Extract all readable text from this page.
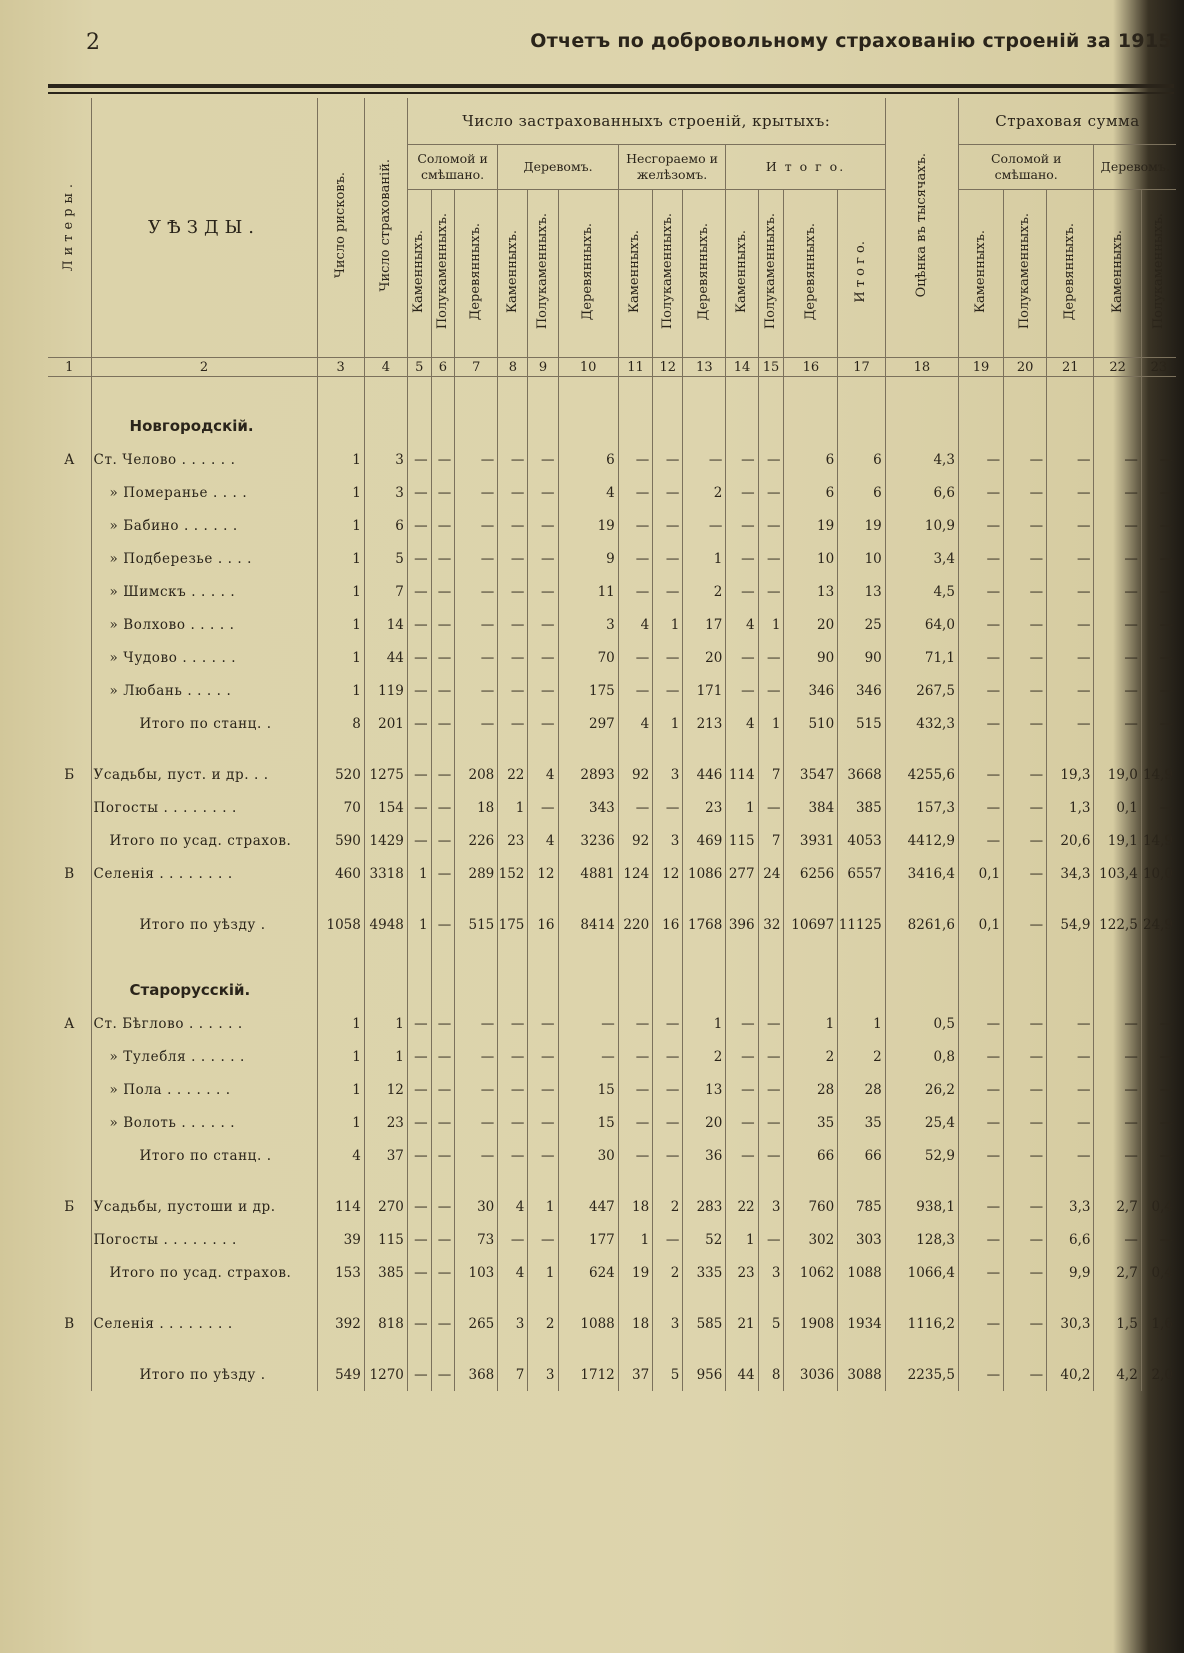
2	Отчетъ по добровольному страхованію строеній за 1915
Литеры.	УѢЗДЫ.	Число рисковъ.	Число страхованій.	Число застрахованныхъ строеній, крытыхъ:													Оцѣнка въ тысячахъ.	Страховая сумма				
				Соломой и смѣшано.			Деревомъ.			Несгораемо и желѣзомъ.			И т о г о.					Соломой и смѣшано.			Деревомъ.	
				Каменныхъ.	Полукаменныхъ.	Деревянныхъ.	Каменныхъ.	Полукаменныхъ.	Деревянныхъ.	Каменныхъ.	Полукаменныхъ.	Деревянныхъ.	Каменныхъ.	Полукаменныхъ.	Деревянныхъ.	И т о г о.		Каменныхъ.	Полукаменныхъ.	Деревянныхъ.	Каменныхъ.	Полукаменныхъ.
1	2	3	4	5	6	7	8	9	10	11	12	13	14	15	16	17	18	19	20	21	22	23
	Новгородскій.																					
А	Ст. Челово . . . . . .	1	3	—	—	—	—	—	6	—	—	—	—	—	6	6	4,3	—	—	—	—	—
	» Померанье . . . .	1	3	—	—	—	—	—	4	—	—	2	—	—	6	6	6,6	—	—	—	—	—
	» Бабино . . . . . .	1	6	—	—	—	—	—	19	—	—	—	—	—	19	19	10,9	—	—	—	—	—
	» Подберезье . . . .	1	5	—	—	—	—	—	9	—	—	1	—	—	10	10	3,4	—	—	—	—	—
	» Шимскъ . . . . .	1	7	—	—	—	—	—	11	—	—	2	—	—	13	13	4,5	—	—	—	—	—
	» Волхово . . . . .	1	14	—	—	—	—	—	3	4	1	17	4	1	20	25	64,0	—	—	—	—	—
	» Чудово . . . . . .	1	44	—	—	—	—	—	70	—	—	20	—	—	90	90	71,1	—	—	—	—	—
	» Любань . . . . .	1	119	—	—	—	—	—	175	—	—	171	—	—	346	346	267,5	—	—	—	—	—
	Итого по станц. .	8	201	—	—	—	—	—	297	4	1	213	4	1	510	515	432,3	—	—	—	—	—

Б	Усадьбы, пуст. и др. . .	520	1275	—	—	208	22	4	2893	92	3	446	114	7	3547	3668	4255,6	—	—	19,3	19,0	14,9
	Погосты . . . . . . . .	70	154	—	—	18	1	—	343	—	—	23	1	—	384	385	157,3	—	—	1,3	0,1	—
	Итого по усад. страхов.	590	1429	—	—	226	23	4	3236	92	3	469	115	7	3931	4053	4412,9	—	—	20,6	19,1	14,9
В	Селенія . . . . . . . .	460	3318	1	—	289	152	12	4881	124	12	1086	277	24	6256	6557	3416,4	0,1	—	34,3	103,4	10,0

	Итого по уѣзду .	1058	4948	1	—	515	175	16	8414	220	16	1768	396	32	10697	11125	8261,6	0,1	—	54,9	122,5	24,9
	Старорусскій.																					
А	Ст. Бѣглово . . . . . .	1	1	—	—	—	—	—	—	—	—	1	—	—	1	1	0,5	—	—	—	—	—
	» Тулебля . . . . . .	1	1	—	—	—	—	—	—	—	—	2	—	—	2	2	0,8	—	—	—	—	—
	» Пола . . . . . . .	1	12	—	—	—	—	—	15	—	—	13	—	—	28	28	26,2	—	—	—	—	—
	» Волоть . . . . . .	1	23	—	—	—	—	—	15	—	—	20	—	—	35	35	25,4	—	—	—	—	—
	Итого по станц. .	4	37	—	—	—	—	—	30	—	—	36	—	—	66	66	52,9	—	—	—	—	—

Б	Усадьбы, пустоши и др.	114	270	—	—	30	4	1	447	18	2	283	22	3	760	785	938,1	—	—	3,3	2,7	0,4
	Погосты . . . . . . . .	39	115	—	—	73	—	—	177	1	—	52	1	—	302	303	128,3	—	—	6,6	—	—
	Итого по усад. страхов.	153	385	—	—	103	4	1	624	19	2	335	23	3	1062	1088	1066,4	—	—	9,9	2,7	0,4

В	Селенія . . . . . . . .	392	818	—	—	265	3	2	1088	18	3	585	21	5	1908	1934	1116,2	—	—	30,3	1,5	1,6

	Итого по уѣзду .	549	1270	—	—	368	7	3	1712	37	5	956	44	8	3036	3088	2235,5	—	—	40,2	4,2	2,0
